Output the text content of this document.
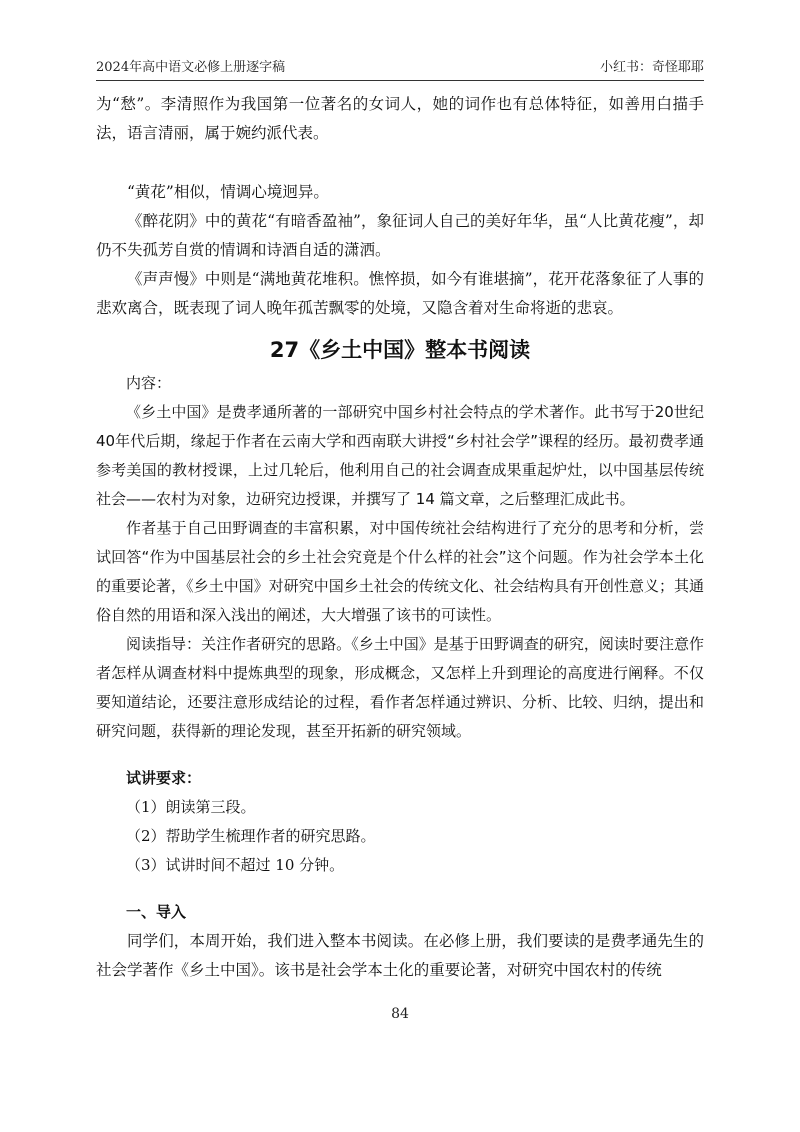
2024年高中语文必修上册逐字稿	小红书：奇怪耶耶

为“愁”。李清照作为我国第一位著名的女词人，她的词作也有总体特征，如善用白描手法，语言清丽，属于婉约派代表。

“黄花”相似，情调心境迥异。

《醉花阴》中的黄花“有暗香盈袖”，象征词人自己的美好年华，虽“人比黄花瘦”，却仍不失孤芳自赏的情调和诗酒自适的潇洒。

《声声慢》中则是“满地黄花堆积。憔悴损，如今有谁堪摘”，花开花落象征了人事的悲欢离合，既表现了词人晚年孤苦飘零的处境，又隐含着对生命将逝的悲哀。

27《乡土中国》整本书阅读

内容：

《乡土中国》是费孝通所著的一部研究中国乡村社会特点的学术著作。此书写于20世纪40年代后期，缘起于作者在云南大学和西南联大讲授“乡村社会学”课程的经历。最初费孝通参考美国的教材授课，上过几轮后，他利用自己的社会调查成果重起炉灶，以中国基层传统社会——农村为对象，边研究边授课，并撰写了 14 篇文章，之后整理汇成此书。

作者基于自己田野调查的丰富积累，对中国传统社会结构进行了充分的思考和分析，尝试回答“作为中国基层社会的乡土社会究竟是个什么样的社会”这个问题。作为社会学本土化的重要论著，《乡土中国》对研究中国乡土社会的传统文化、社会结构具有开创性意义；其通俗自然的用语和深入浅出的阐述，大大增强了该书的可读性。

阅读指导：关注作者研究的思路。《乡土中国》是基于田野调查的研究，阅读时要注意作者怎样从调查材料中提炼典型的现象，形成概念，又怎样上升到理论的高度进行阐释。不仅要知道结论，还要注意形成结论的过程，看作者怎样通过辨识、分析、比较、归纳，提出和研究问题，获得新的理论发现，甚至开拓新的研究领域。

试讲要求：

（1）朗读第三段。

（2）帮助学生梳理作者的研究思路。

（3）试讲时间不超过 10 分钟。

一、导入

同学们，本周开始，我们进入整本书阅读。在必修上册，我们要读的是费孝通先生的社会学著作《乡土中国》。该书是社会学本土化的重要论著，对研究中国农村的传统

84
